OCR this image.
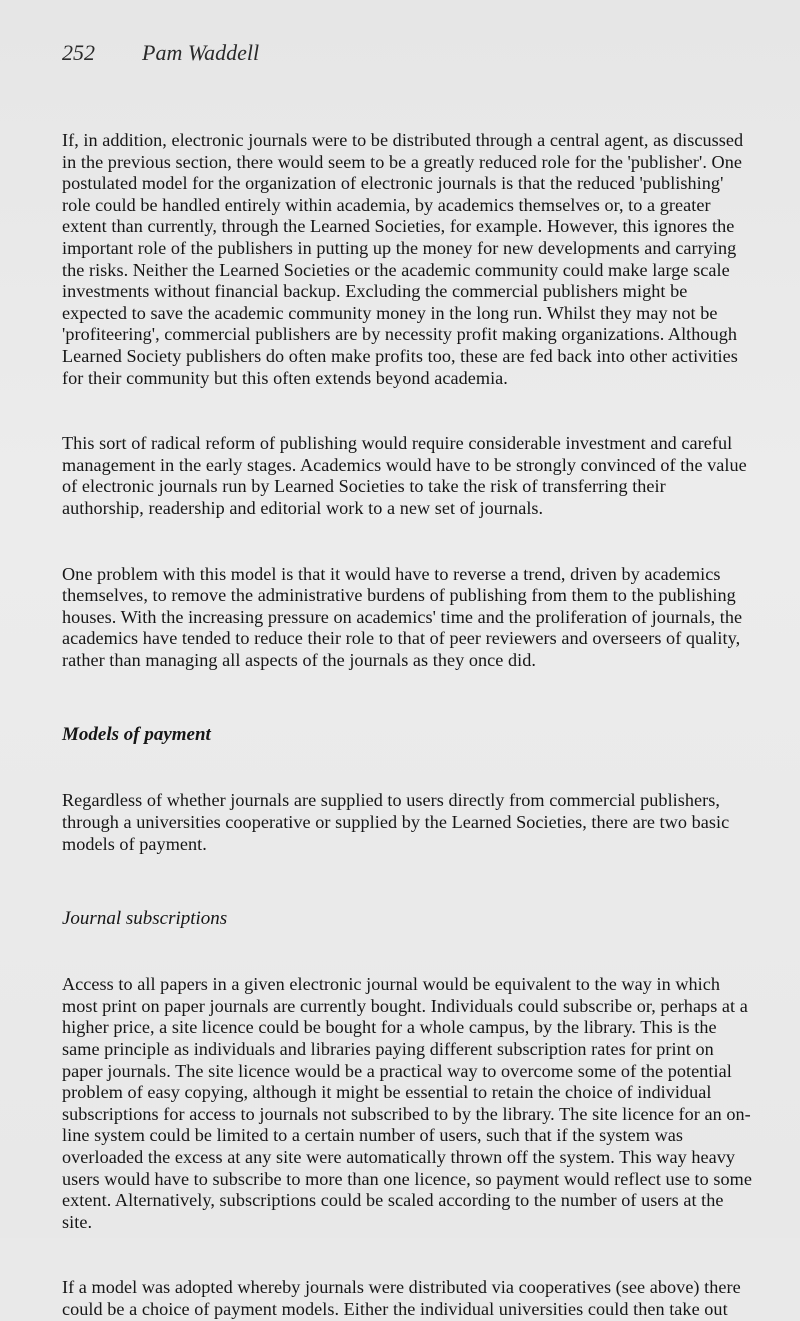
252 Pam Waddell

If, in addition, electronic journals were to be distributed through a central agent, as discussed in the previous section, there would seem to be a greatly reduced role for the 'publisher'. One postulated model for the organization of electronic journals is that the reduced 'publishing' role could be handled entirely within academia, by academics themselves or, to a greater extent than currently, through the Learned Societies, for example. However, this ignores the important role of the publishers in putting up the money for new developments and carrying the risks. Neither the Learned Societies or the academic community could make large scale investments without financial backup. Excluding the commercial publishers might be expected to save the academic community money in the long run. Whilst they may not be 'profiteering', commercial publishers are by necessity profit making organizations. Although Learned Society publishers do often make profits too, these are fed back into other activities for their community but this often extends beyond academia.

This sort of radical reform of publishing would require considerable investment and careful management in the early stages. Academics would have to be strongly convinced of the value of electronic journals run by Learned Societies to take the risk of transferring their authorship, readership and editorial work to a new set of journals.

One problem with this model is that it would have to reverse a trend, driven by academics themselves, to remove the administrative burdens of publishing from them to the publishing houses. With the increasing pressure on academics' time and the proliferation of journals, the academics have tended to reduce their role to that of peer reviewers and overseers of quality, rather than managing all aspects of the journals as they once did.

Models of payment

Regardless of whether journals are supplied to users directly from commercial publishers, through a universities cooperative or supplied by the Learned Societies, there are two basic models of payment.

Journal subscriptions

Access to all papers in a given electronic journal would be equivalent to the way in which most print on paper journals are currently bought. Individuals could subscribe or, perhaps at a higher price, a site licence could be bought for a whole campus, by the library. This is the same principle as individuals and libraries paying different subscription rates for print on paper journals. The site licence would be a practical way to overcome some of the potential problem of easy copying, although it might be essential to retain the choice of individual subscriptions for access to journals not subscribed to by the library. The site licence for an on-line system could be limited to a certain number of users, such that if the system was overloaded the excess at any site were automatically thrown off the system. This way heavy users would have to subscribe to more than one licence, so payment would reflect use to some extent. Alternatively, subscriptions could be scaled according to the number of users at the site.

If a model was adopted whereby journals were distributed via cooperatives (see above) there could be a choice of payment models. Either the individual universities could then take out
